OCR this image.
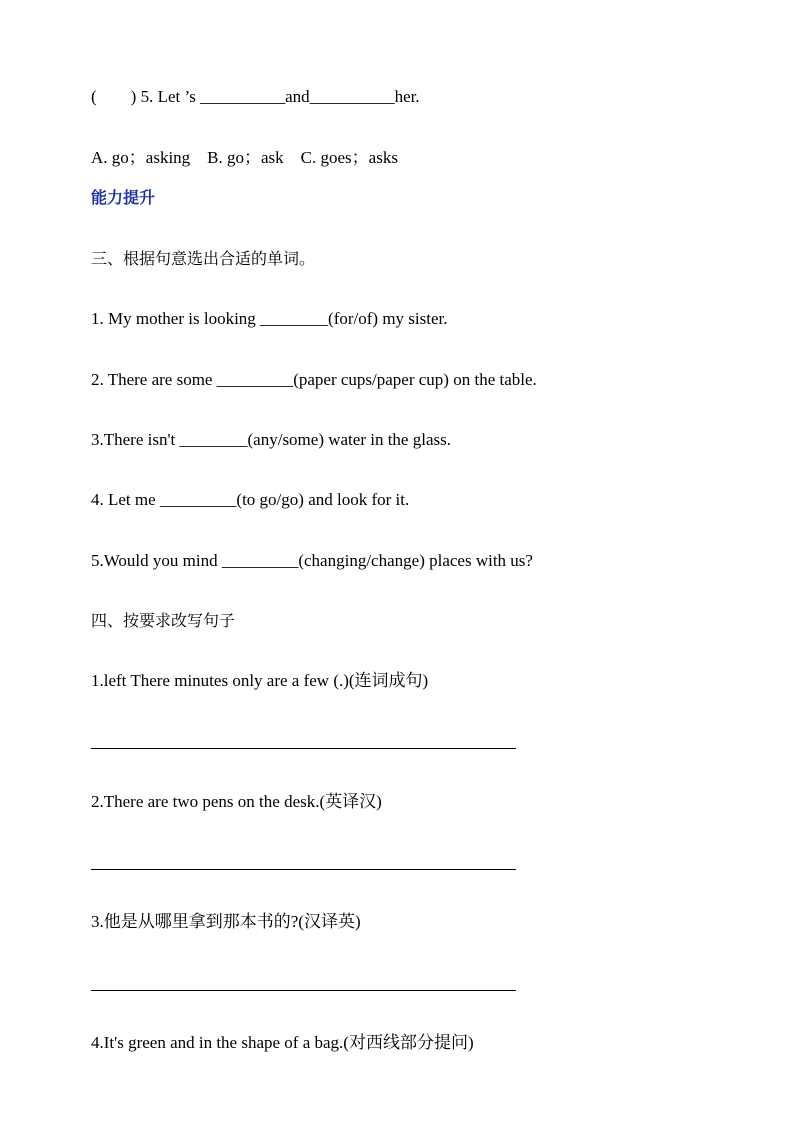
(        ) 5. Let ’s __________and__________her.
A. go；asking    B. go；ask    C. goes；asks
能力提升
三、根据句意选出合适的单词。
1. My mother is looking ________(for/of) my sister.
2. There are some _________(paper cups/paper cup) on the table.
3.There isn't ________(any/some) water in the glass.
4. Let me _________(to go/go) and look for it.
5.Would you mind _________(changing/change) places with us?
四、按要求改写句子
1.left There minutes only are a few (.)(连词成句)
2.There are two pens on the desk.(英译汉)
3.他是从哪里拿到那本书的?(汉译英)
4.It's green and in the shape of a bag.(对西线部分提问)
